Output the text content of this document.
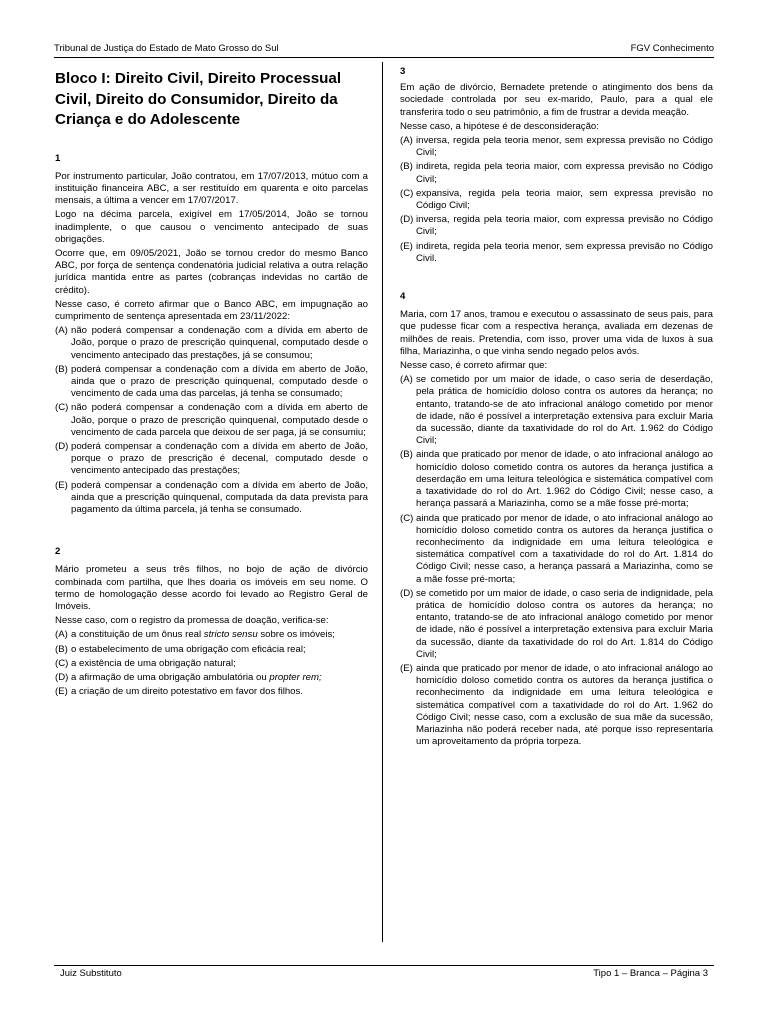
Tribunal de Justiça do Estado de Mato Grosso do Sul	FGV Conhecimento
Bloco I: Direito Civil, Direito Processual Civil, Direito do Consumidor, Direito da Criança e do Adolescente
1

Por instrumento particular, João contratou, em 17/07/2013, mútuo com a instituição financeira ABC, a ser restituído em quarenta e oito parcelas mensais, a última a vencer em 17/07/2017.

Logo na décima parcela, exigível em 17/05/2014, João se tornou inadimplente, o que causou o vencimento antecipado de suas obrigações.

Ocorre que, em 09/05/2021, João se tornou credor do mesmo Banco ABC, por força de sentença condenatória judicial relativa a outra relação jurídica mantida entre as partes (cobranças indevidas no cartão de crédito).

Nesse caso, é correto afirmar que o Banco ABC, em impugnação ao cumprimento de sentença apresentada em 23/11/2022:

(A) não poderá compensar a condenação com a dívida em aberto de João, porque o prazo de prescrição quinquenal, computado desde o vencimento antecipado das prestações, já se consumou;
(B) poderá compensar a condenação com a dívida em aberto de João, ainda que o prazo de prescrição quinquenal, computado desde o vencimento de cada uma das parcelas, já tenha se consumado;
(C) não poderá compensar a condenação com a dívida em aberto de João, porque o prazo de prescrição quinquenal, computado desde o vencimento de cada parcela que deixou de ser paga, já se consumiu;
(D) poderá compensar a condenação com a dívida em aberto de João, porque o prazo de prescrição é decenal, computado desde o vencimento antecipado das prestações;
(E) poderá compensar a condenação com a dívida em aberto de João, ainda que a prescrição quinquenal, computada da data prevista para pagamento da última parcela, já tenha se consumado.
2

Mário prometeu a seus três filhos, no bojo de ação de divórcio combinada com partilha, que lhes doaria os imóveis em seu nome. O termo de homologação desse acordo foi levado ao Registro Geral de Imóveis.

Nesse caso, com o registro da promessa de doação, verifica-se:

(A) a constituição de um ônus real stricto sensu sobre os imóveis;
(B) o estabelecimento de uma obrigação com eficácia real;
(C) a existência de uma obrigação natural;
(D) a afirmação de uma obrigação ambulatória ou propter rem;
(E) a criação de um direito potestativo em favor dos filhos.
3

Em ação de divórcio, Bernadete pretende o atingimento dos bens da sociedade controlada por seu ex-marido, Paulo, para a qual ele transferira todo o seu patrimônio, a fim de frustrar a devida meação.

Nesse caso, a hipótese é de desconsideração:

(A) inversa, regida pela teoria menor, sem expressa previsão no Código Civil;
(B) indireta, regida pela teoria maior, com expressa previsão no Código Civil;
(C) expansiva, regida pela teoria maior, sem expressa previsão no Código Civil;
(D) inversa, regida pela teoria maior, com expressa previsão no Código Civil;
(E) indireta, regida pela teoria menor, sem expressa previsão no Código Civil.
4

Maria, com 17 anos, tramou e executou o assassinato de seus pais, para que pudesse ficar com a respectiva herança, avaliada em dezenas de milhões de reais. Pretendia, com isso, prover uma vida de luxos à sua filha, Mariazinha, o que vinha sendo negado pelos avós.

Nesse caso, é correto afirmar que:

(A) se cometido por um maior de idade, o caso seria de deserdação, pela prática de homicídio doloso contra os autores da herança; no entanto, tratando-se de ato infracional análogo cometido por menor de idade, não é possível a interpretação extensiva para excluir Maria da sucessão, diante da taxatividade do rol do Art. 1.962 do Código Civil;
(B) ainda que praticado por menor de idade, o ato infracional análogo ao homicídio doloso cometido contra os autores da herança justifica a deserdação em uma leitura teleológica e sistemática compatível com a taxatividade do rol do Art. 1.962 do Código Civil; nesse caso, a herança passará a Mariazinha, como se a mãe fosse pré-morta;
(C) ainda que praticado por menor de idade, o ato infracional análogo ao homicídio doloso cometido contra os autores da herança justifica o reconhecimento da indignidade em uma leitura teleológica e sistemática compatível com a taxatividade do rol do Art. 1.814 do Código Civil; nesse caso, a herança passará a Mariazinha, como se a mãe fosse pré-morta;
(D) se cometido por um maior de idade, o caso seria de indignidade, pela prática de homicídio doloso contra os autores da herança; no entanto, tratando-se de ato infracional análogo cometido por menor de idade, não é possível a interpretação extensiva para excluir Maria da sucessão, diante da taxatividade do rol do Art. 1.814 do Código Civil;
(E) ainda que praticado por menor de idade, o ato infracional análogo ao homicídio doloso cometido contra os autores da herança justifica o reconhecimento da indignidade em uma leitura teleológica e sistemática compatível com a taxatividade do rol do Art. 1.962 do Código Civil; nesse caso, com a exclusão de sua mãe da sucessão, Mariazinha não poderá receber nada, até porque isso representaria um aproveitamento da própria torpeza.
Juiz Substituto	Tipo 1 – Branca – Página 3
